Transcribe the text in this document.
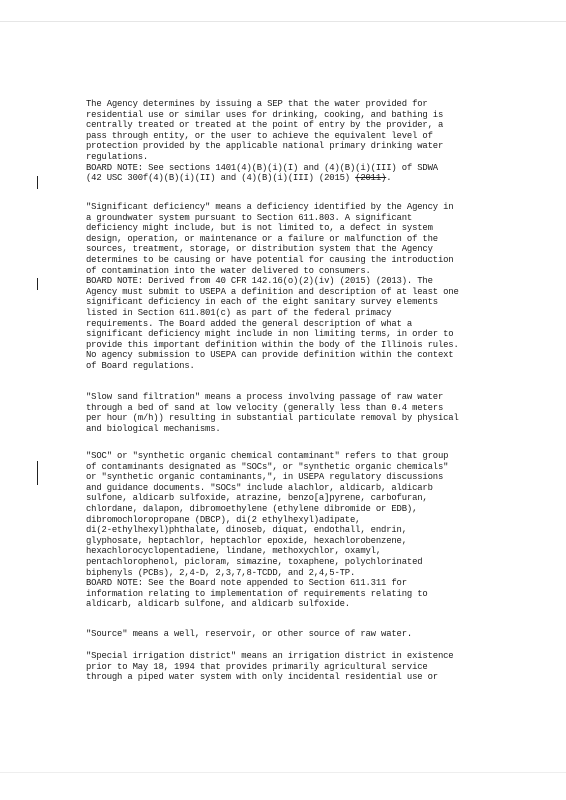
The Agency determines by issuing a SEP that the water provided for
residential use or similar uses for drinking, cooking, and bathing is
centrally treated or treated at the point of entry by the provider, a
pass through entity, or the user to achieve the equivalent level of
protection provided by the applicable national primary drinking water
regulations.
BOARD NOTE: See sections 1401(4)(B)(i)(I) and (4)(B)(i)(III) of SDWA
(42 USC 300f(4)(B)(i)(II) and (4)(B)(i)(III) (2015) (2011).
"Significant deficiency" means a deficiency identified by the Agency in
a groundwater system pursuant to Section 611.803. A significant
deficiency might include, but is not limited to, a defect in system
design, operation, or maintenance or a failure or malfunction of the
sources, treatment, storage, or distribution system that the Agency
determines to be causing or have potential for causing the introduction
of contamination into the water delivered to consumers.
BOARD NOTE: Derived from 40 CFR 142.16(o)(2)(iv) (2015) (2013). The
Agency must submit to USEPA a definition and description of at least one
significant deficiency in each of the eight sanitary survey elements
listed in Section 611.801(c) as part of the federal primacy
requirements. The Board added the general description of what a
significant deficiency might include in non limiting terms, in order to
provide this important definition within the body of the Illinois rules.
No agency submission to USEPA can provide definition within the context
of Board regulations.
"Slow sand filtration" means a process involving passage of raw water
through a bed of sand at low velocity (generally less than 0.4 meters
per hour (m/h)) resulting in substantial particulate removal by physical
and biological mechanisms.
"SOC" or "synthetic organic chemical contaminant" refers to that group
of contaminants designated as "SOCs", or "synthetic organic chemicals"
or "synthetic organic contaminants,", in USEPA regulatory discussions
and guidance documents. "SOCs" include alachlor, aldicarb, aldicarb
sulfone, aldicarb sulfoxide, atrazine, benzo[a]pyrene, carbofuran,
chlordane, dalapon, dibromoethylene (ethylene dibromide or EDB),
dibromochloropropane (DBCP), di(2 ethylhexyl)adipate,
di(2-ethylhexyl)phthalate, dinoseb, diquat, endothall, endrin,
glyphosate, heptachlor, heptachlor epoxide, hexachlorobenzene,
hexachlorocyclopentadiene, lindane, methoxychlor, oxamyl,
pentachlorophenol, picloram, simazine, toxaphene, polychlorinated
biphenyls (PCBs), 2,4-D, 2,3,7,8-TCDD, and 2,4,5-TP.
BOARD NOTE: See the Board note appended to Section 611.311 for
information relating to implementation of requirements relating to
aldicarb, aldicarb sulfone, and aldicarb sulfoxide.
"Source" means a well, reservoir, or other source of raw water.
"Special irrigation district" means an irrigation district in existence
prior to May 18, 1994 that provides primarily agricultural service
through a piped water system with only incidental residential use or
